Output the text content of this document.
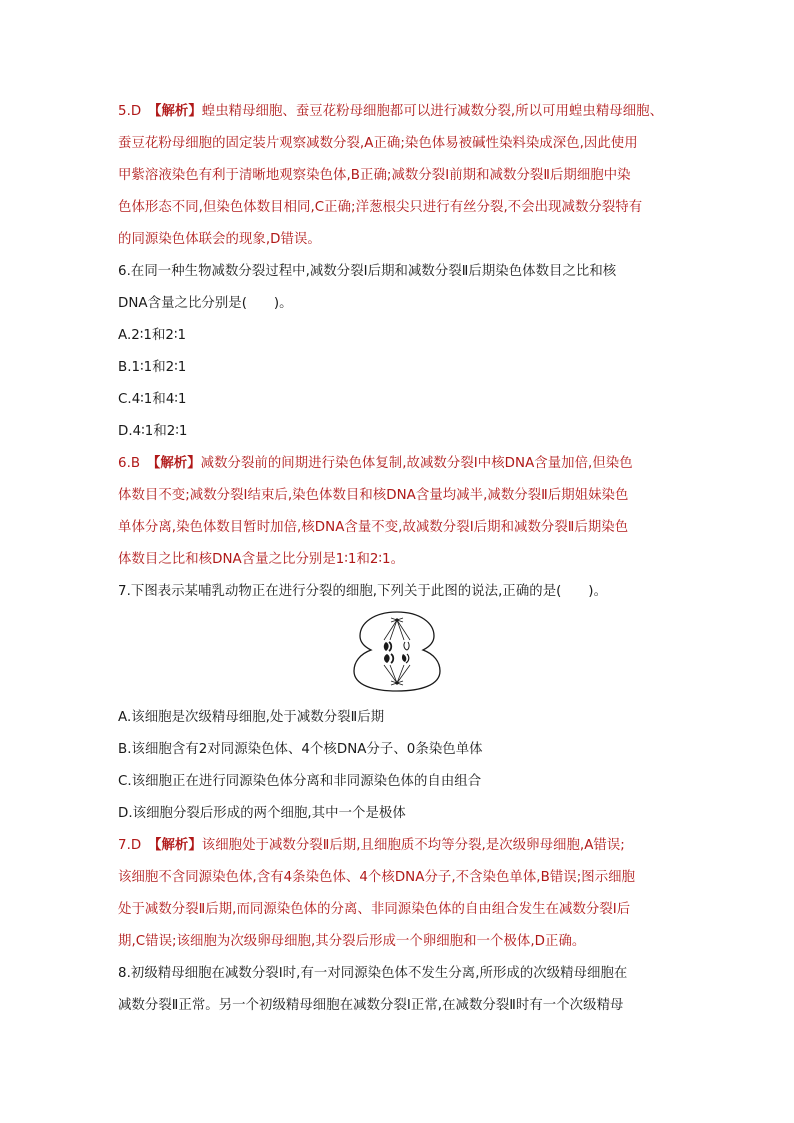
5.D　 【解析】蝗虫精母细胞、蚕豆花粉母细胞都可以进行减数分裂,所以可用蝗虫精母细胞、
蚕豆花粉母细胞的固定装片观察减数分裂,A正确;染色体易被碱性染料染成深色,因此使用
甲紫溶液染色有利于清晰地观察染色体,B正确;减数分裂Ⅰ前期和减数分裂Ⅱ后期细胞中染
色体形态不同,但染色体数目相同,C正确;洋葱根尖只进行有丝分裂,不会出现减数分裂特有
的同源染色体联会的现象,D错误。
6.在同一种生物减数分裂过程中,减数分裂Ⅰ后期和减数分裂Ⅱ后期染色体数目之比和核
DNA含量之比分别是(　　)。
A.2∶1和2∶1
B.1∶1和2∶1
C.4∶1和4∶1
D.4∶1和2∶1
6.B　 【解析】减数分裂前的间期进行染色体复制,故减数分裂Ⅰ中核DNA含量加倍,但染色
体数目不变;减数分裂Ⅰ结束后,染色体数目和核DNA含量均减半,减数分裂Ⅱ后期姐妹染色
单体分离,染色体数目暂时加倍,核DNA含量不变,故减数分裂Ⅰ后期和减数分裂Ⅱ后期染色
体数目之比和核DNA含量之比分别是1∶1和2∶1。
7.下图表示某哺乳动物正在进行分裂的细胞,下列关于此图的说法,正确的是(　　)。
A.该细胞是次级精母细胞,处于减数分裂Ⅱ后期
B.该细胞含有2对同源染色体、4个核DNA分子、0条染色单体
C.该细胞正在进行同源染色体分离和非同源染色体的自由组合
D.该细胞分裂后形成的两个细胞,其中一个是极体
7.D　 【解析】该细胞处于减数分裂Ⅱ后期,且细胞质不均等分裂,是次级卵母细胞,A错误;
该细胞不含同源染色体,含有4条染色体、4个核DNA分子,不含染色单体,B错误;图示细胞
处于减数分裂Ⅱ后期,而同源染色体的分离、非同源染色体的自由组合发生在减数分裂Ⅰ后
期,C错误;该细胞为次级卵母细胞,其分裂后形成一个卵细胞和一个极体,D正确。
8.初级精母细胞在减数分裂Ⅰ时,有一对同源染色体不发生分离,所形成的次级精母细胞在
减数分裂Ⅱ正常。另一个初级精母细胞在减数分裂Ⅰ正常,在减数分裂Ⅱ时有一个次级精母
